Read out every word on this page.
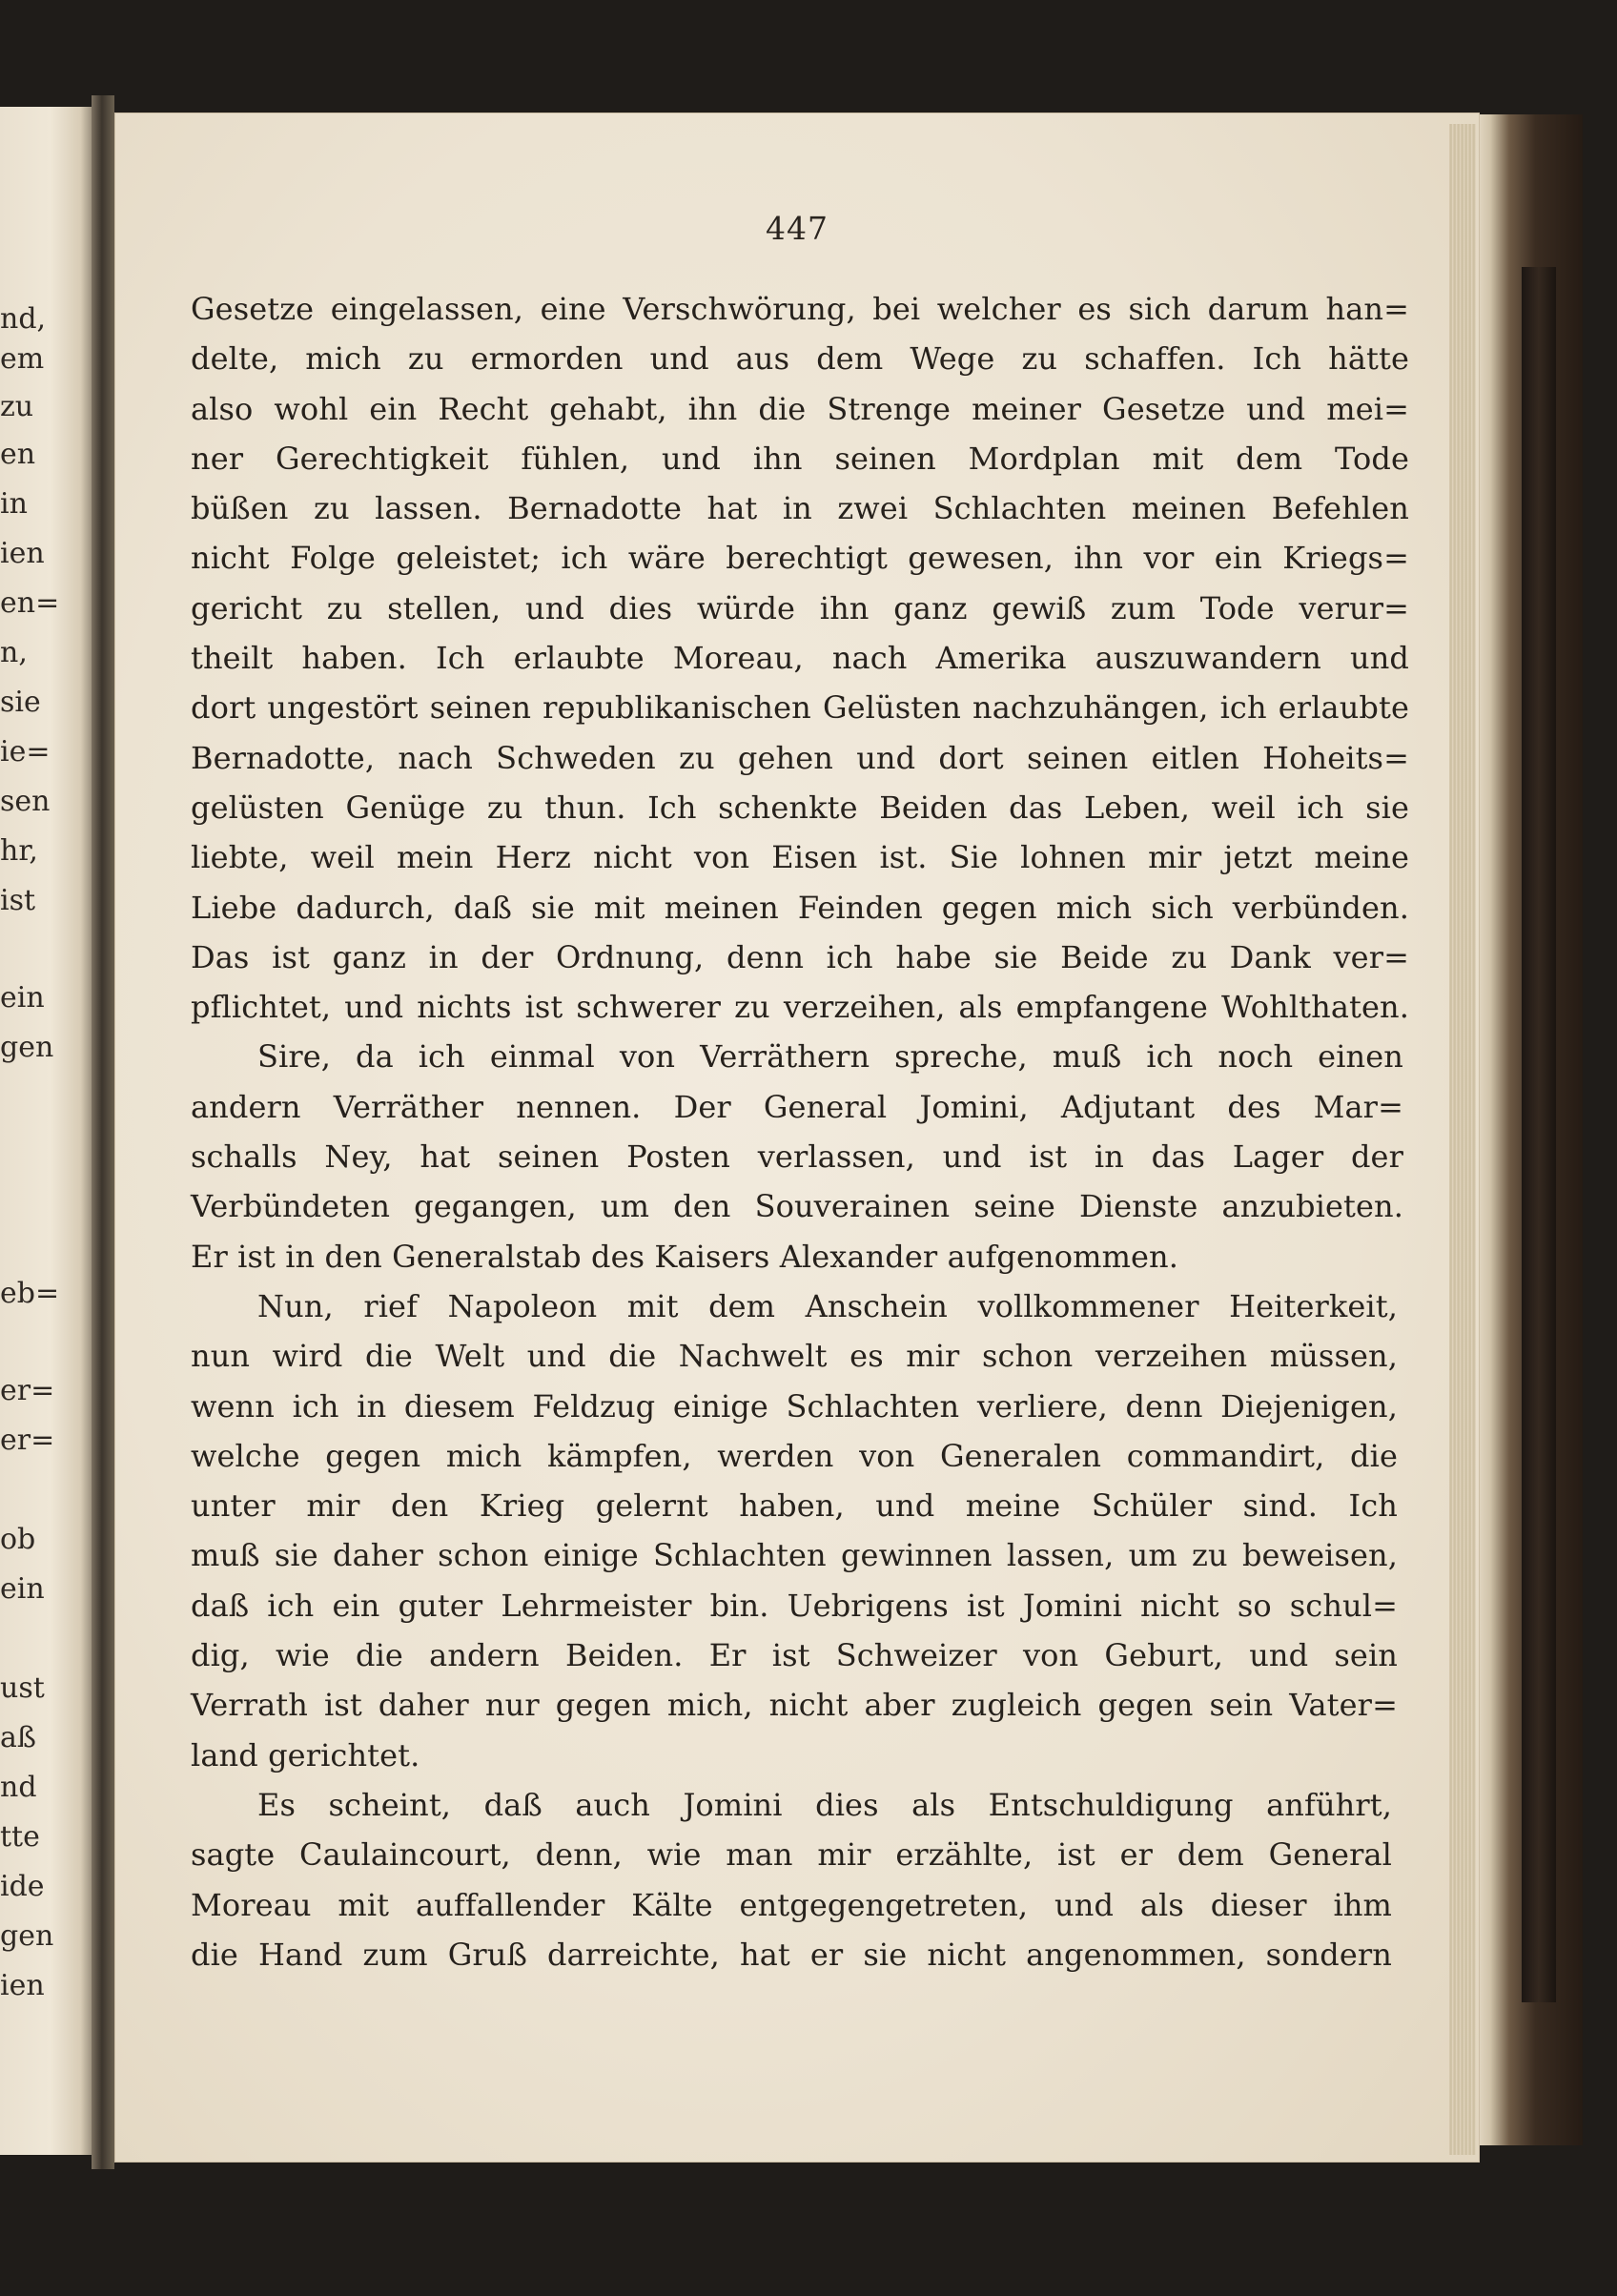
nd,
em
zu
en
in
ien
en=
n,
sie
ie=
sen
hr,
ist
ein
gen
eb=
er=
er=
ob
ein
ust
aß
nd
tte
ide
gen
ien
447
Gesetze eingelassen, eine Verschwörung, bei welcher es sich darum han=
delte, mich zu ermorden und aus dem Wege zu schaffen. Ich hätte
also wohl ein Recht gehabt, ihn die Strenge meiner Gesetze und mei=
ner Gerechtigkeit fühlen, und ihn seinen Mordplan mit dem Tode
büßen zu lassen. Bernadotte hat in zwei Schlachten meinen Befehlen
nicht Folge geleistet; ich wäre berechtigt gewesen, ihn vor ein Kriegs=
gericht zu stellen, und dies würde ihn ganz gewiß zum Tode verur=
theilt haben. Ich erlaubte Moreau, nach Amerika auszuwandern und
dort ungestört seinen republikanischen Gelüsten nachzuhängen, ich erlaubte
Bernadotte, nach Schweden zu gehen und dort seinen eitlen Hoheits=
gelüsten Genüge zu thun. Ich schenkte Beiden das Leben, weil ich sie
liebte, weil mein Herz nicht von Eisen ist. Sie lohnen mir jetzt meine
Liebe dadurch, daß sie mit meinen Feinden gegen mich sich verbünden.
Das ist ganz in der Ordnung, denn ich habe sie Beide zu Dank ver=
pflichtet, und nichts ist schwerer zu verzeihen, als empfangene Wohlthaten.
Sire, da ich einmal von Verräthern spreche, muß ich noch einen
andern Verräther nennen. Der General Jomini, Adjutant des Mar=
schalls Ney, hat seinen Posten verlassen, und ist in das Lager der
Verbündeten gegangen, um den Souverainen seine Dienste anzubieten.
Er ist in den Generalstab des Kaisers Alexander aufgenommen.
Nun, rief Napoleon mit dem Anschein vollkommener Heiterkeit,
nun wird die Welt und die Nachwelt es mir schon verzeihen müssen,
wenn ich in diesem Feldzug einige Schlachten verliere, denn Diejenigen,
welche gegen mich kämpfen, werden von Generalen commandirt, die
unter mir den Krieg gelernt haben, und meine Schüler sind. Ich
muß sie daher schon einige Schlachten gewinnen lassen, um zu beweisen,
daß ich ein guter Lehrmeister bin. Uebrigens ist Jomini nicht so schul=
dig, wie die andern Beiden. Er ist Schweizer von Geburt, und sein
Verrath ist daher nur gegen mich, nicht aber zugleich gegen sein Vater=
land gerichtet.
Es scheint, daß auch Jomini dies als Entschuldigung anführt,
sagte Caulaincourt, denn, wie man mir erzählte, ist er dem General
Moreau mit auffallender Kälte entgegengetreten, und als dieser ihm
die Hand zum Gruß darreichte, hat er sie nicht angenommen, sondern
